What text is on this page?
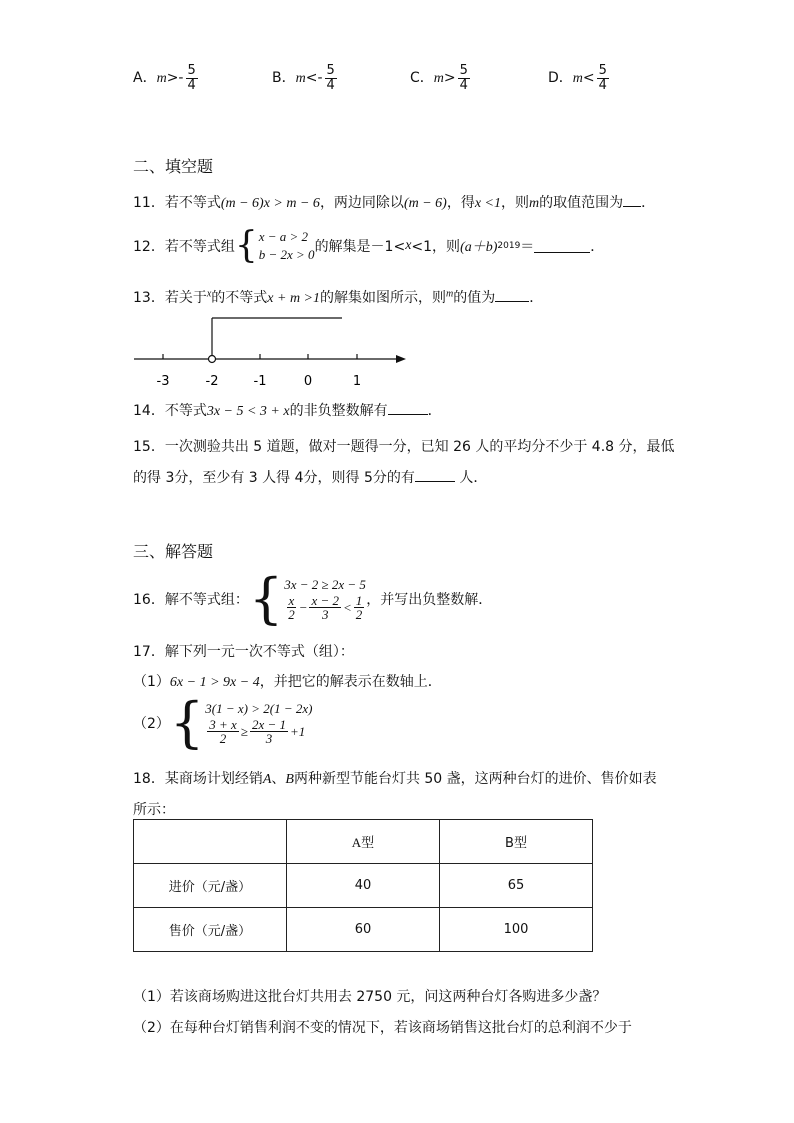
A．$m>- \frac{5}{4}$	B．$m<- \frac{5}{4}$	C．$m> \frac{5}{4}$	D．$m< \frac{5}{4}$
二、填空题
11．若不等式(m − 6)x > m − 6，两边同除以(m − 6)，得x <1，则m的取值范围为 ．
12．若不等式组 { x − a > 2
b − 2x > 0 的解集是－1< x <1，则 (a＋b) 2019 ＝	．
13．若关于$^x$的不等式x + m >1的解集如图所示，则$^m$的值为 ．
-3	-2	-1	0	1
14．不等式3x − 5 < 3 + x的非负整数解有	．
15．一次测验共出 5 道题，做对一题得一分，已知 26 人的平均分不少于 4.8 分，最低
的得 3分，至少有 3 人得 4分，则得 5分的有	人．
三、解答题
16．解不等式组： { 3x − 2 ≥ 2x − 5
$\frac{x}{2} - \frac{x - 2}{3} < \frac{1}{2}$ ，并写出负整数解．
17．解下列一元一次不等式（组）：
（1）6x − 1 > 9x − 4，并把它的解表示在数轴上．
（2） { 3(1 − x) > 2(1 − 2x)
$\frac{3 + x}{2} \ge \frac{2x - 1}{3} +1$
18．某商场计划经销A、B两种新型节能台灯共 50 盏，这两种台灯的进价、售价如表
所示：
	A型	B型
进价（元/盏）	40	65
售价（元/盏）	60	100
（1）若该商场购进这批台灯共用去 2750 元，问这两种台灯各购进多少盏？
（2）在每种台灯销售利润不变的情况下，若该商场销售这批台灯的总利润不少于
